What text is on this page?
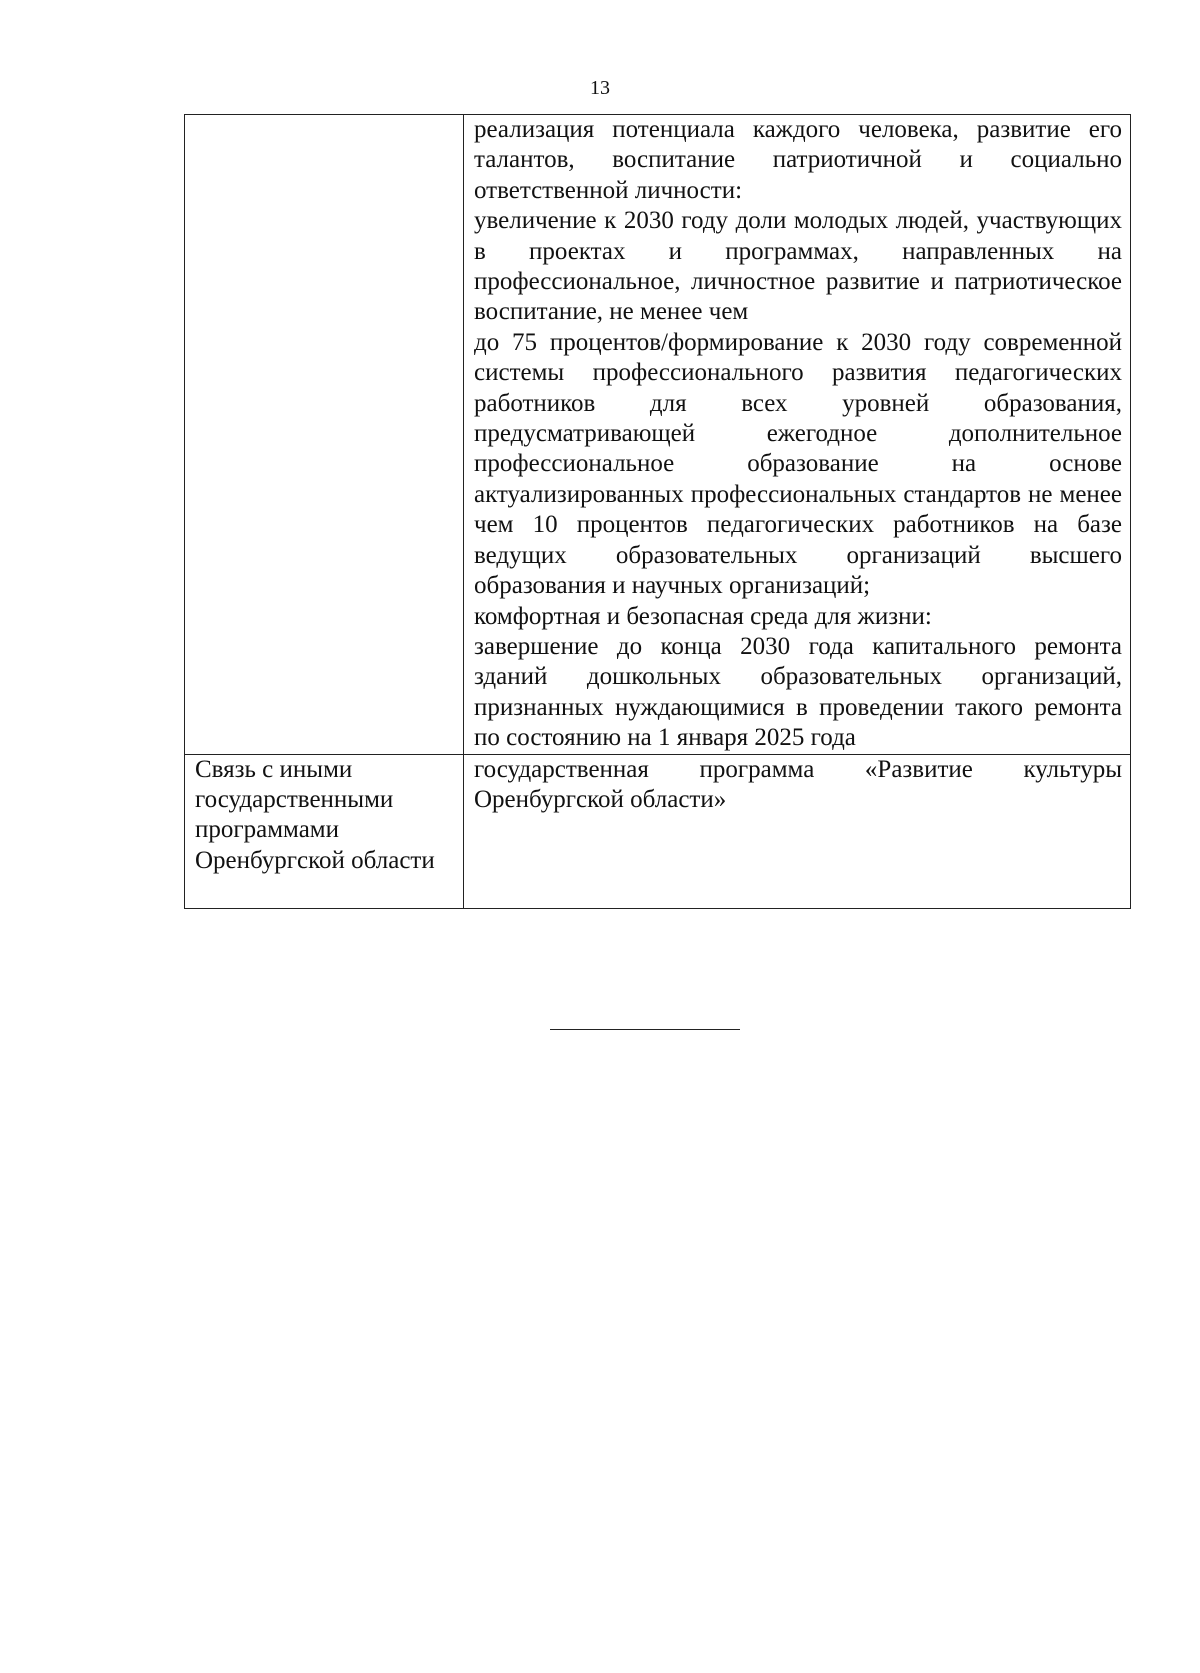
13

	реализация потенциала каждого человека, развитие его талантов, воспитание патриотичной и социально ответственной личности:

увеличение к 2030 году доли молодых людей, участвующих в проектах и программах, направленных на профессиональное, личностное развитие и патриотическое воспитание, не менее чем

до 75 процентов/формирование к 2030 году современной системы профессионального развития педагогических работников для всех уровней образования, предусматривающей ежегодное дополнительное профессиональное образование на основе актуализированных профессиональных стандартов не менее чем 10 процентов педагогических работников на базе ведущих образовательных организаций высшего образования и научных организаций;

комфортная и безопасная среда для жизни:

завершение до конца 2030 года капитального ремонта зданий дошкольных образовательных организаций, признанных нуждающимися в проведении такого ремонта по состоянию на 1 января 2025 года

Связь с иными государственными программами Оренбургской области	государственная программа «Развитие культуры Оренбургской области»
